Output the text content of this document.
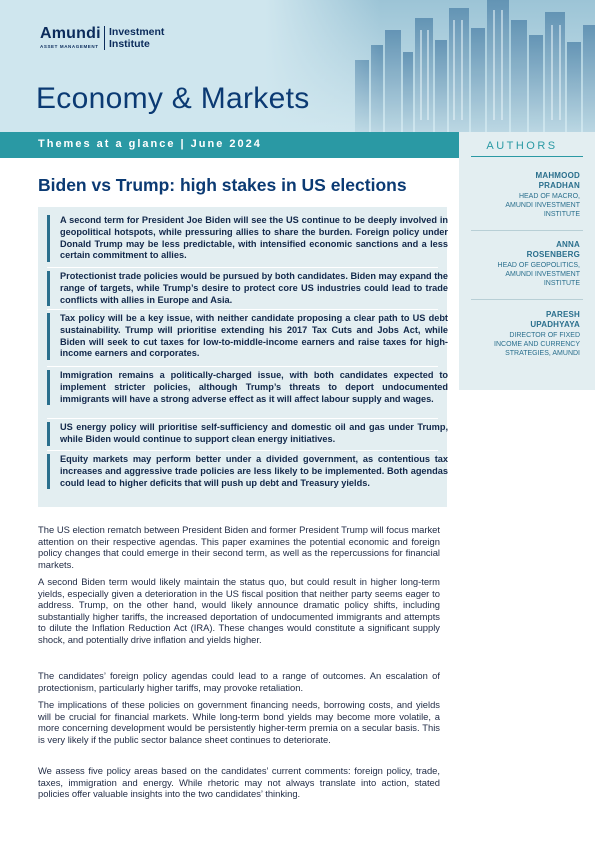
Amundi
ASSET MANAGEMENT
Investment
Institute
Economy & Markets
Themes at a glance | June 2024	AUTHORS
MAHMOOD
PRADHAN
HEAD OF MACRO,
AMUNDI INVESTMENT
INSTITUTE
ANNA
ROSENBERG
HEAD OF GEOPOLITICS,
AMUNDI INVESTMENT
INSTITUTE
PARESH
UPADHYAYA
DIRECTOR OF FIXED
INCOME AND CURRENCY
STRATEGIES, AMUNDI
Biden vs Trump: high stakes in US elections
A second term for President Joe Biden will see the US continue to be deeply involved in geopolitical hotspots, while pressuring allies to share the burden. Foreign policy under Donald Trump may be less predictable, with intensified economic sanctions and a less certain commitment to allies.
Protectionist trade policies would be pursued by both candidates. Biden may expand the range of targets, while Trump’s desire to protect core US industries could lead to trade conflicts with allies in Europe and Asia.
Tax policy will be a key issue, with neither candidate proposing a clear path to US debt sustainability. Trump will prioritise extending his 2017 Tax Cuts and Jobs Act, while Biden will seek to cut taxes for low-to-middle-income earners and raise taxes for high-income earners and corporates.
Immigration remains a politically-charged issue, with both candidates expected to implement stricter policies, although Trump’s threats to deport undocumented immigrants will have a strong adverse effect as it will affect labour supply and wages.
US energy policy will prioritise self-sufficiency and domestic oil and gas under Trump, while Biden would continue to support clean energy initiatives.
Equity markets may perform better under a divided government, as contentious tax increases and aggressive trade policies are less likely to be implemented. Both agendas could lead to higher deficits that will push up debt and Treasury yields.

The US election rematch between President Biden and former President Trump will focus market attention on their respective agendas. This paper examines the potential economic and foreign policy changes that could emerge in their second term, as well as the repercussions for financial markets.

A second Biden term would likely maintain the status quo, but could result in higher long-term yields, especially given a deterioration in the US fiscal position that neither party seems eager to address. Trump, on the other hand, would likely announce dramatic policy shifts, including substantially higher tariffs, the increased deportation of undocumented immigrants and attempts to dilute the Inflation Reduction Act (IRA). These changes would constitute a significant supply shock, and potentially drive inflation and yields higher.

The candidates’ foreign policy agendas could lead to a range of outcomes. An escalation of protectionism, particularly higher tariffs, may provoke retaliation.

The implications of these policies on government financing needs, borrowing costs, and yields will be crucial for financial markets. While long-term bond yields may become more volatile, a more concerning development would be persistently higher-term premia on a secular basis. This is very likely if the public sector balance sheet continues to deteriorate.

We assess five policy areas based on the candidates’ current comments: foreign policy, trade, taxes, immigration and energy. While rhetoric may not always translate into action, stated policies offer valuable insights into the two candidates’ thinking.
